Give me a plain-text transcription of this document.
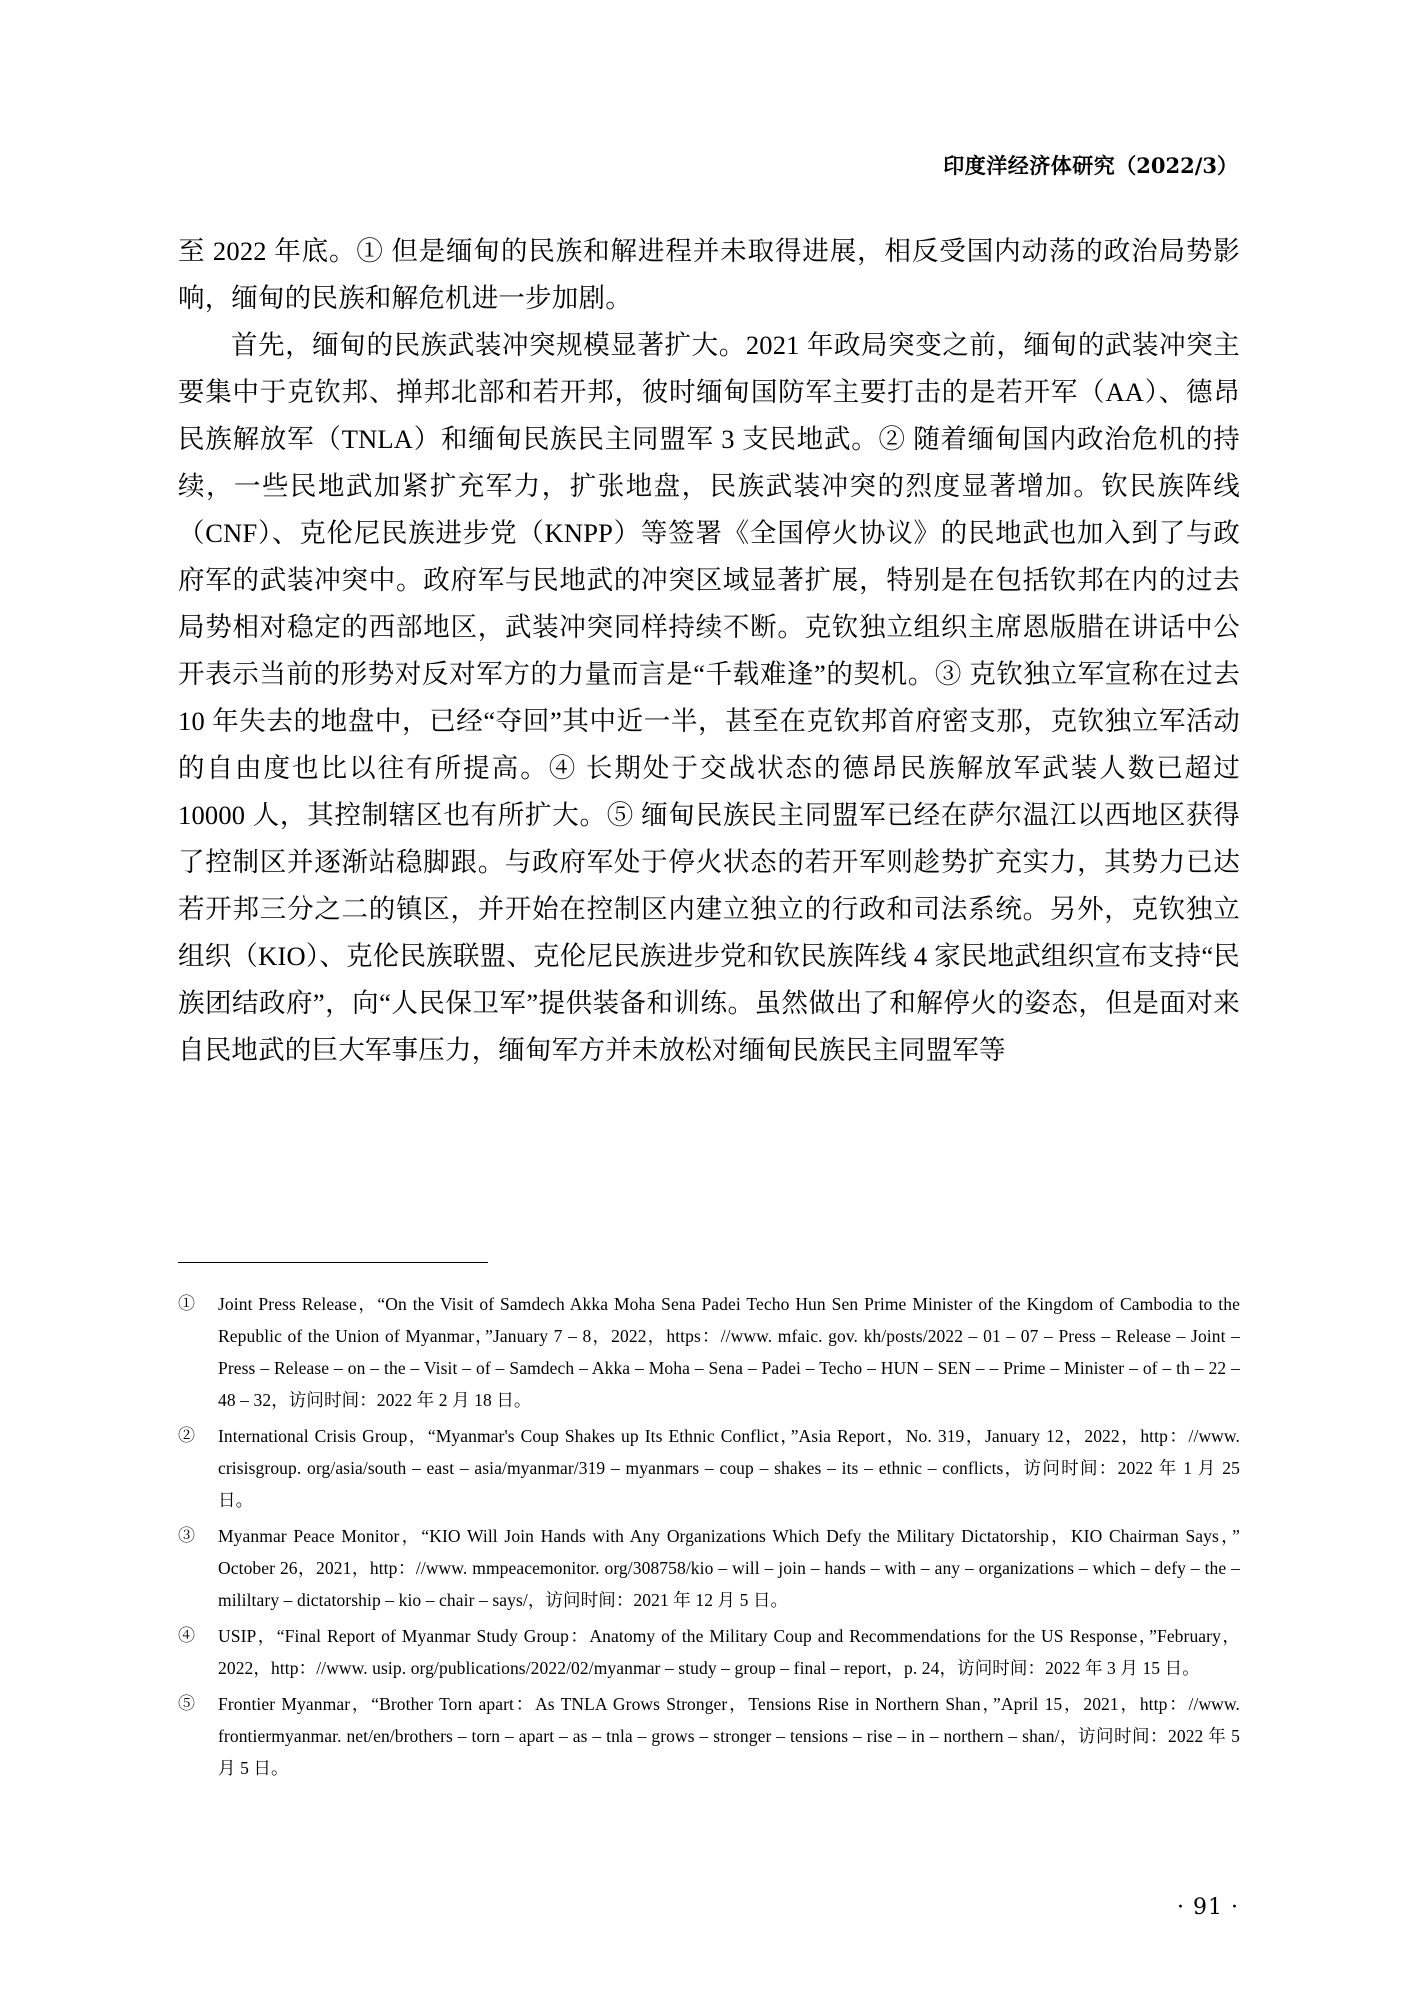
印度洋经济体研究（2022/3）

至 2022 年底。① 但是缅甸的民族和解进程并未取得进展，相反受国内动荡的政治局势影响，缅甸的民族和解危机进一步加剧。

首先，缅甸的民族武装冲突规模显著扩大。2021 年政局突变之前，缅甸的武装冲突主要集中于克钦邦、掸邦北部和若开邦，彼时缅甸国防军主要打击的是若开军（AA）、德昂民族解放军（TNLA）和缅甸民族民主同盟军 3 支民地武。② 随着缅甸国内政治危机的持续，一些民地武加紧扩充军力，扩张地盘，民族武装冲突的烈度显著增加。钦民族阵线（CNF）、克伦尼民族进步党（KNPP）等签署《全国停火协议》的民地武也加入到了与政府军的武装冲突中。政府军与民地武的冲突区域显著扩展，特别是在包括钦邦在内的过去局势相对稳定的西部地区，武装冲突同样持续不断。克钦独立组织主席恩版腊在讲话中公开表示当前的形势对反对军方的力量而言是“千载难逢”的契机。③ 克钦独立军宣称在过去 10 年失去的地盘中，已经“夺回”其中近一半，甚至在克钦邦首府密支那，克钦独立军活动的自由度也比以往有所提高。④ 长期处于交战状态的德昂民族解放军武装人数已超过 10000 人，其控制辖区也有所扩大。⑤ 缅甸民族民主同盟军已经在萨尔温江以西地区获得了控制区并逐渐站稳脚跟。与政府军处于停火状态的若开军则趁势扩充实力，其势力已达若开邦三分之二的镇区，并开始在控制区内建立独立的行政和司法系统。另外，克钦独立组织（KIO）、克伦民族联盟、克伦尼民族进步党和钦民族阵线 4 家民地武组织宣布支持“民族团结政府”，向“人民保卫军”提供装备和训练。虽然做出了和解停火的姿态，但是面对来自民地武的巨大军事压力，缅甸军方并未放松对缅甸民族民主同盟军等

①	Joint Press Release，“On the Visit of Samdech Akka Moha Sena Padei Techo Hun Sen Prime Minister of the Kingdom of Cambodia to the Republic of the Union of Myanmar，”January 7 – 8，2022，https：//www. mfaic. gov. kh/posts/2022 – 01 – 07 – Press – Release – Joint – Press – Release – on – the – Visit – of – Samdech – Akka – Moha – Sena – Padei – Techo – HUN – SEN – – Prime – Minister – of – th – 22 – 48 – 32，访问时间：2022 年 2 月 18 日。
②	International Crisis Group，“Myanmar's Coup Shakes up Its Ethnic Conflict，”Asia Report，No. 319，January 12，2022，http：//www. crisisgroup. org/asia/south – east – asia/myanmar/319 – myanmars – coup – shakes – its – ethnic – conflicts，访问时间：2022 年 1 月 25 日。
③	Myanmar Peace Monitor，“KIO Will Join Hands with Any Organizations Which Defy the Military Dictatorship，KIO Chairman Says，”October 26，2021，http：//www. mmpeacemonitor. org/308758/kio – will – join – hands – with – any – organizations – which – defy – the – mililtary – dictatorship – kio – chair – says/，访问时间：2021 年 12 月 5 日。
④	USIP，“Final Report of Myanmar Study Group：Anatomy of the Military Coup and Recommendations for the US Response，”February，2022，http：//www. usip. org/publications/2022/02/myanmar – study – group – final – report，p. 24，访问时间：2022 年 3 月 15 日。
⑤	Frontier Myanmar，“Brother Torn apart：As TNLA Grows Stronger，Tensions Rise in Northern Shan，”April 15，2021，http：//www. frontiermyanmar. net/en/brothers – torn – apart – as – tnla – grows – stronger – tensions – rise – in – northern – shan/，访问时间：2022 年 5 月 5 日。
· 91 ·
